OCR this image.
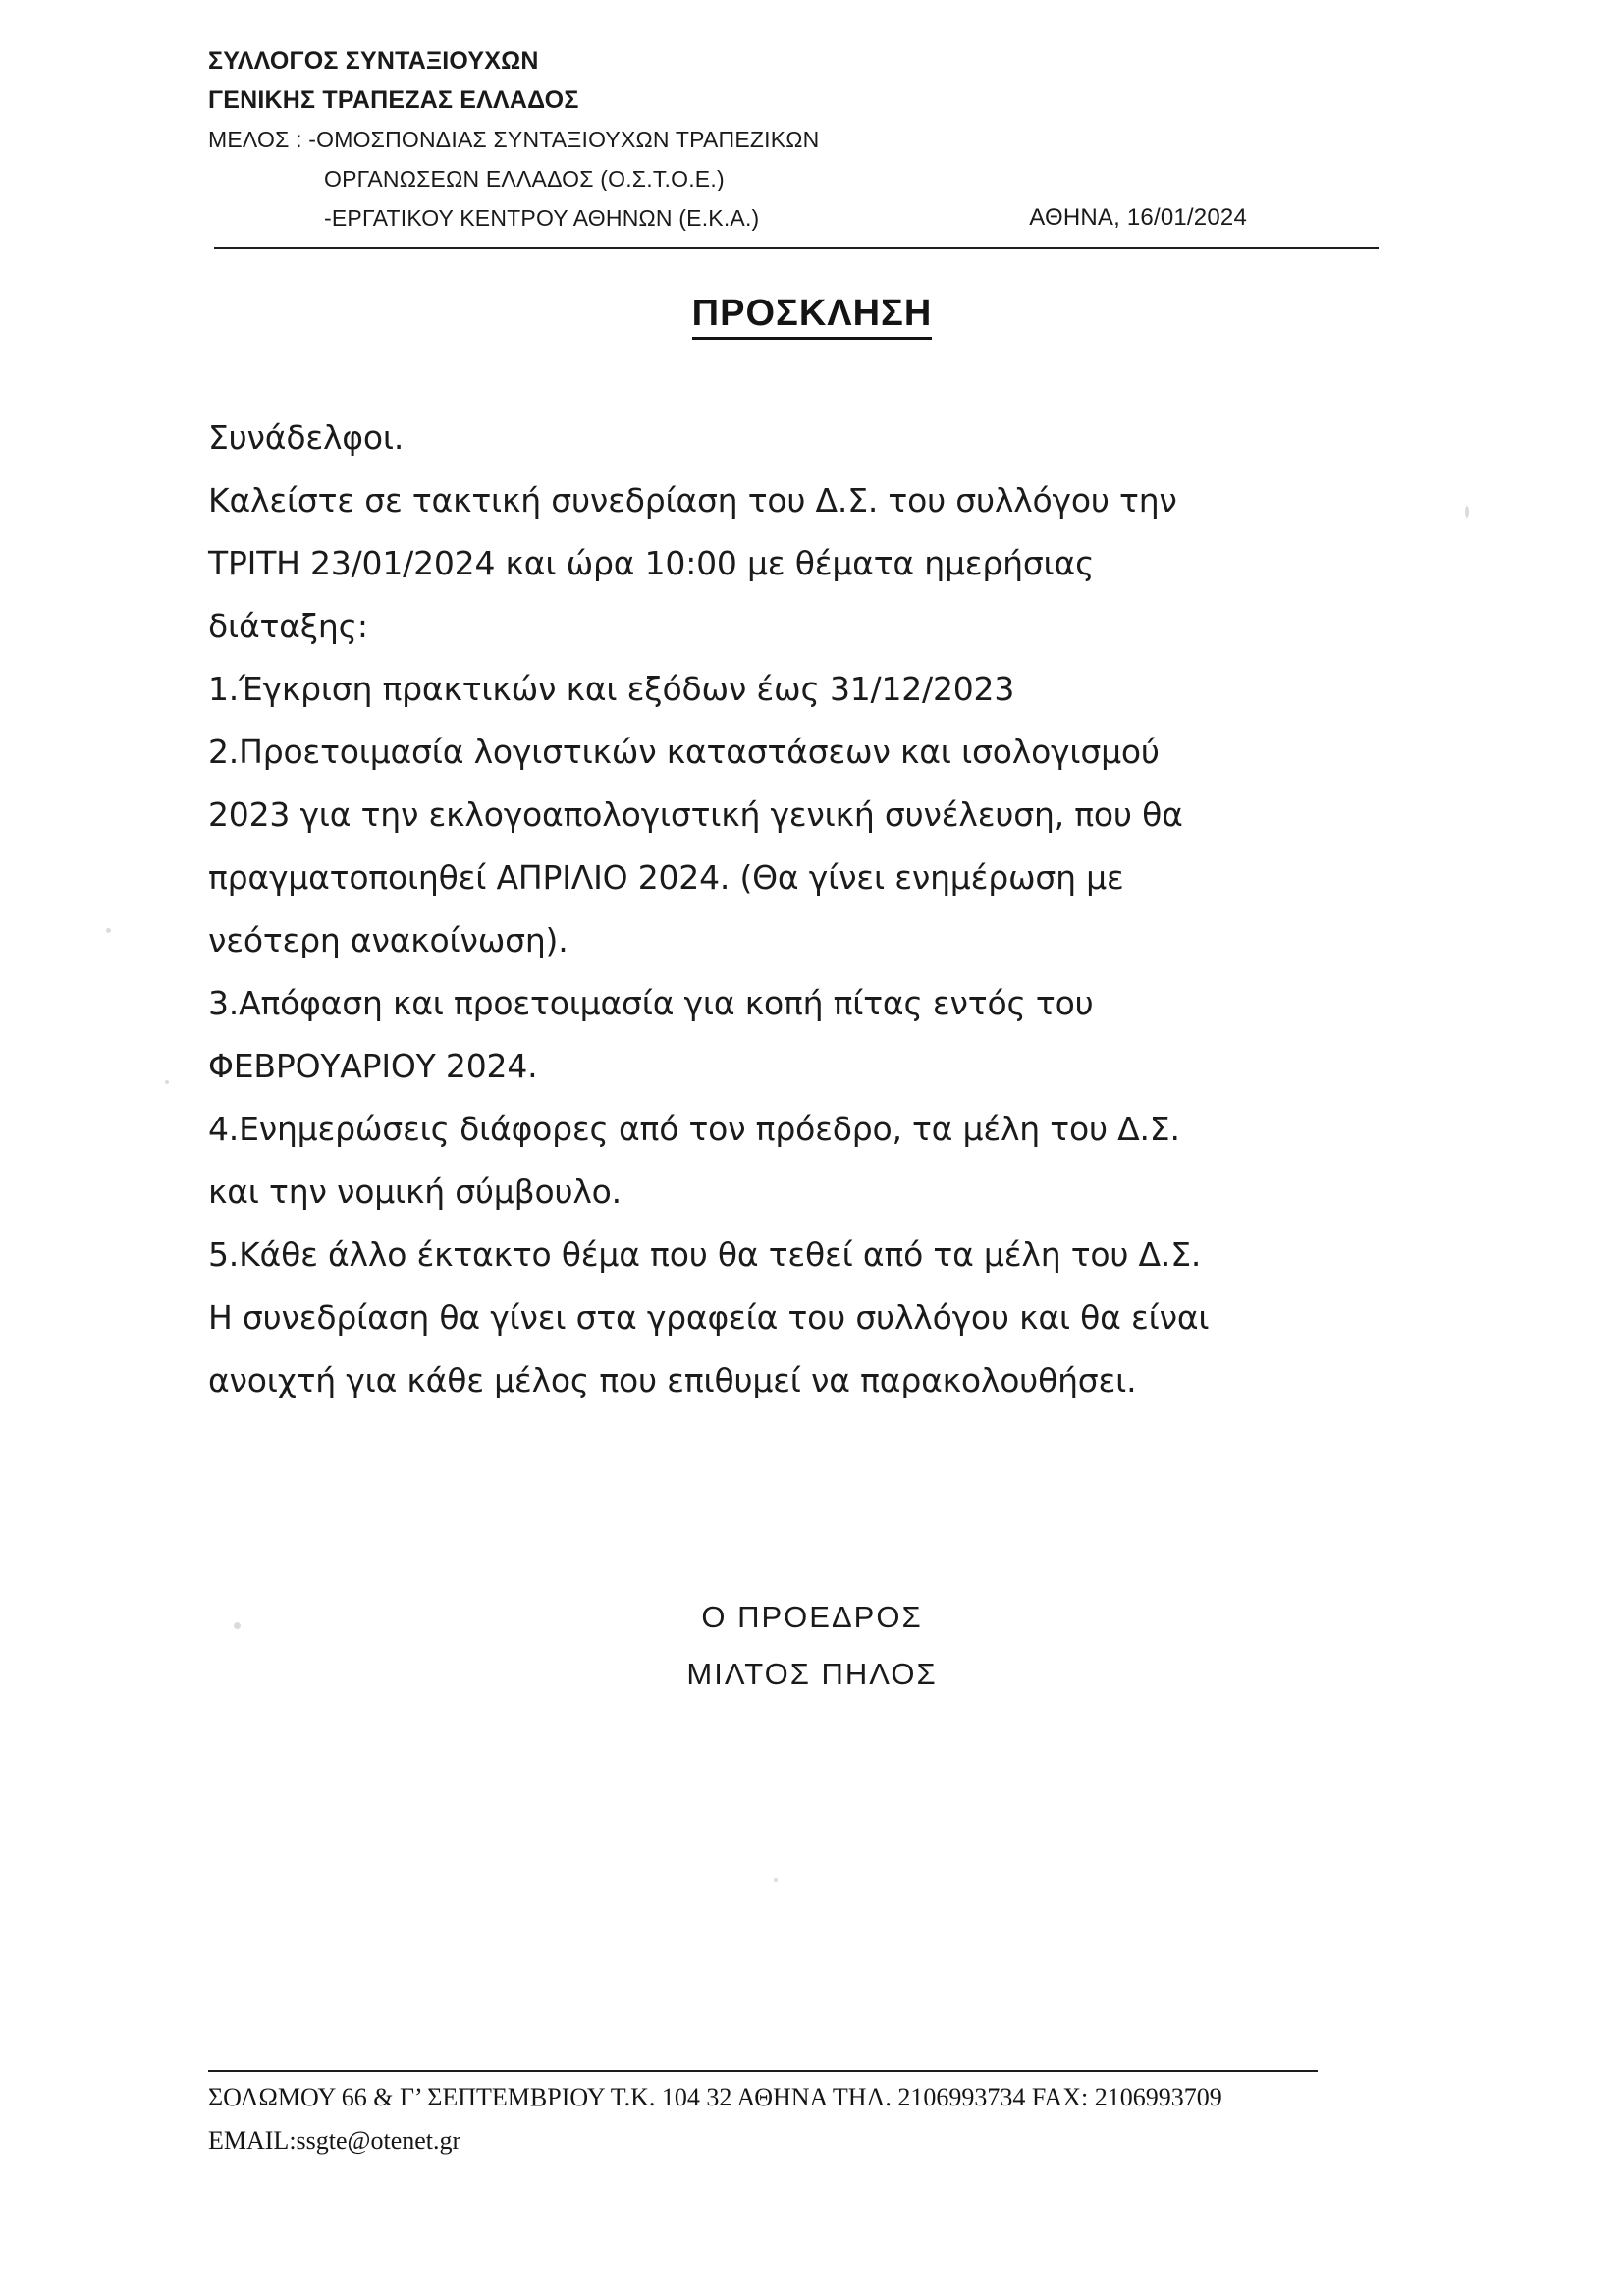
ΣΥΛΛΟΓΟΣ ΣΥΝΤΑΞΙΟΥΧΩΝ
ΓΕΝΙΚΗΣ ΤΡΑΠΕΖΑΣ ΕΛΛΑΔΟΣ
ΜΕΛΟΣ : -ΟΜΟΣΠΟΝΔΙΑΣ ΣΥΝΤΑΞΙΟΥΧΩΝ ΤΡΑΠΕΖΙΚΩΝ
ΟΡΓΑΝΩΣΕΩΝ ΕΛΛΑΔΟΣ (Ο.Σ.Τ.Ο.Ε.)
-ΕΡΓΑΤΙΚΟΥ ΚΕΝΤΡΟΥ ΑΘΗΝΩΝ (Ε.Κ.Α.)	ΑΘΗΝΑ, 16/01/2024
ΠΡΟΣΚΛΗΣΗ
Συνάδελφοι.
Καλείστε σε τακτική συνεδρίαση του Δ.Σ. του συλλόγου την
ΤΡΙΤΗ 23/01/2024 και ώρα 10:00 με θέματα ημερήσιας
διάταξης:
1.Έγκριση πρακτικών και εξόδων έως 31/12/2023
2.Προετοιμασία λογιστικών καταστάσεων και ισολογισμού
2023 για την εκλογοαπολογιστική γενική συνέλευση, που θα
πραγματοποιηθεί ΑΠΡΙΛΙΟ 2024. (Θα γίνει ενημέρωση με
νεότερη ανακοίνωση).
3.Απόφαση και προετοιμασία για κοπή πίτας εντός του
ΦΕΒΡΟΥΑΡΙΟΥ 2024.
4.Ενημερώσεις διάφορες από τον πρόεδρο, τα μέλη του Δ.Σ.
και την νομική σύμβουλο.
5.Κάθε άλλο έκτακτο θέμα που θα τεθεί από τα μέλη του Δ.Σ.
Η συνεδρίαση θα γίνει στα γραφεία του συλλόγου και θα είναι
ανοιχτή για κάθε μέλος που επιθυμεί να παρακολουθήσει.
Ο ΠΡΟΕΔΡΟΣ
ΜΙΛΤΟΣ ΠΗΛΟΣ
ΣΟΛΩΜΟΥ 66 & Γ’ ΣΕΠΤΕΜΒΡΙΟΥ Τ.Κ. 104 32 ΑΘΗΝΑ ΤΗΛ. 2106993734 FAX: 2106993709
EMAIL:ssgte@otenet.gr
